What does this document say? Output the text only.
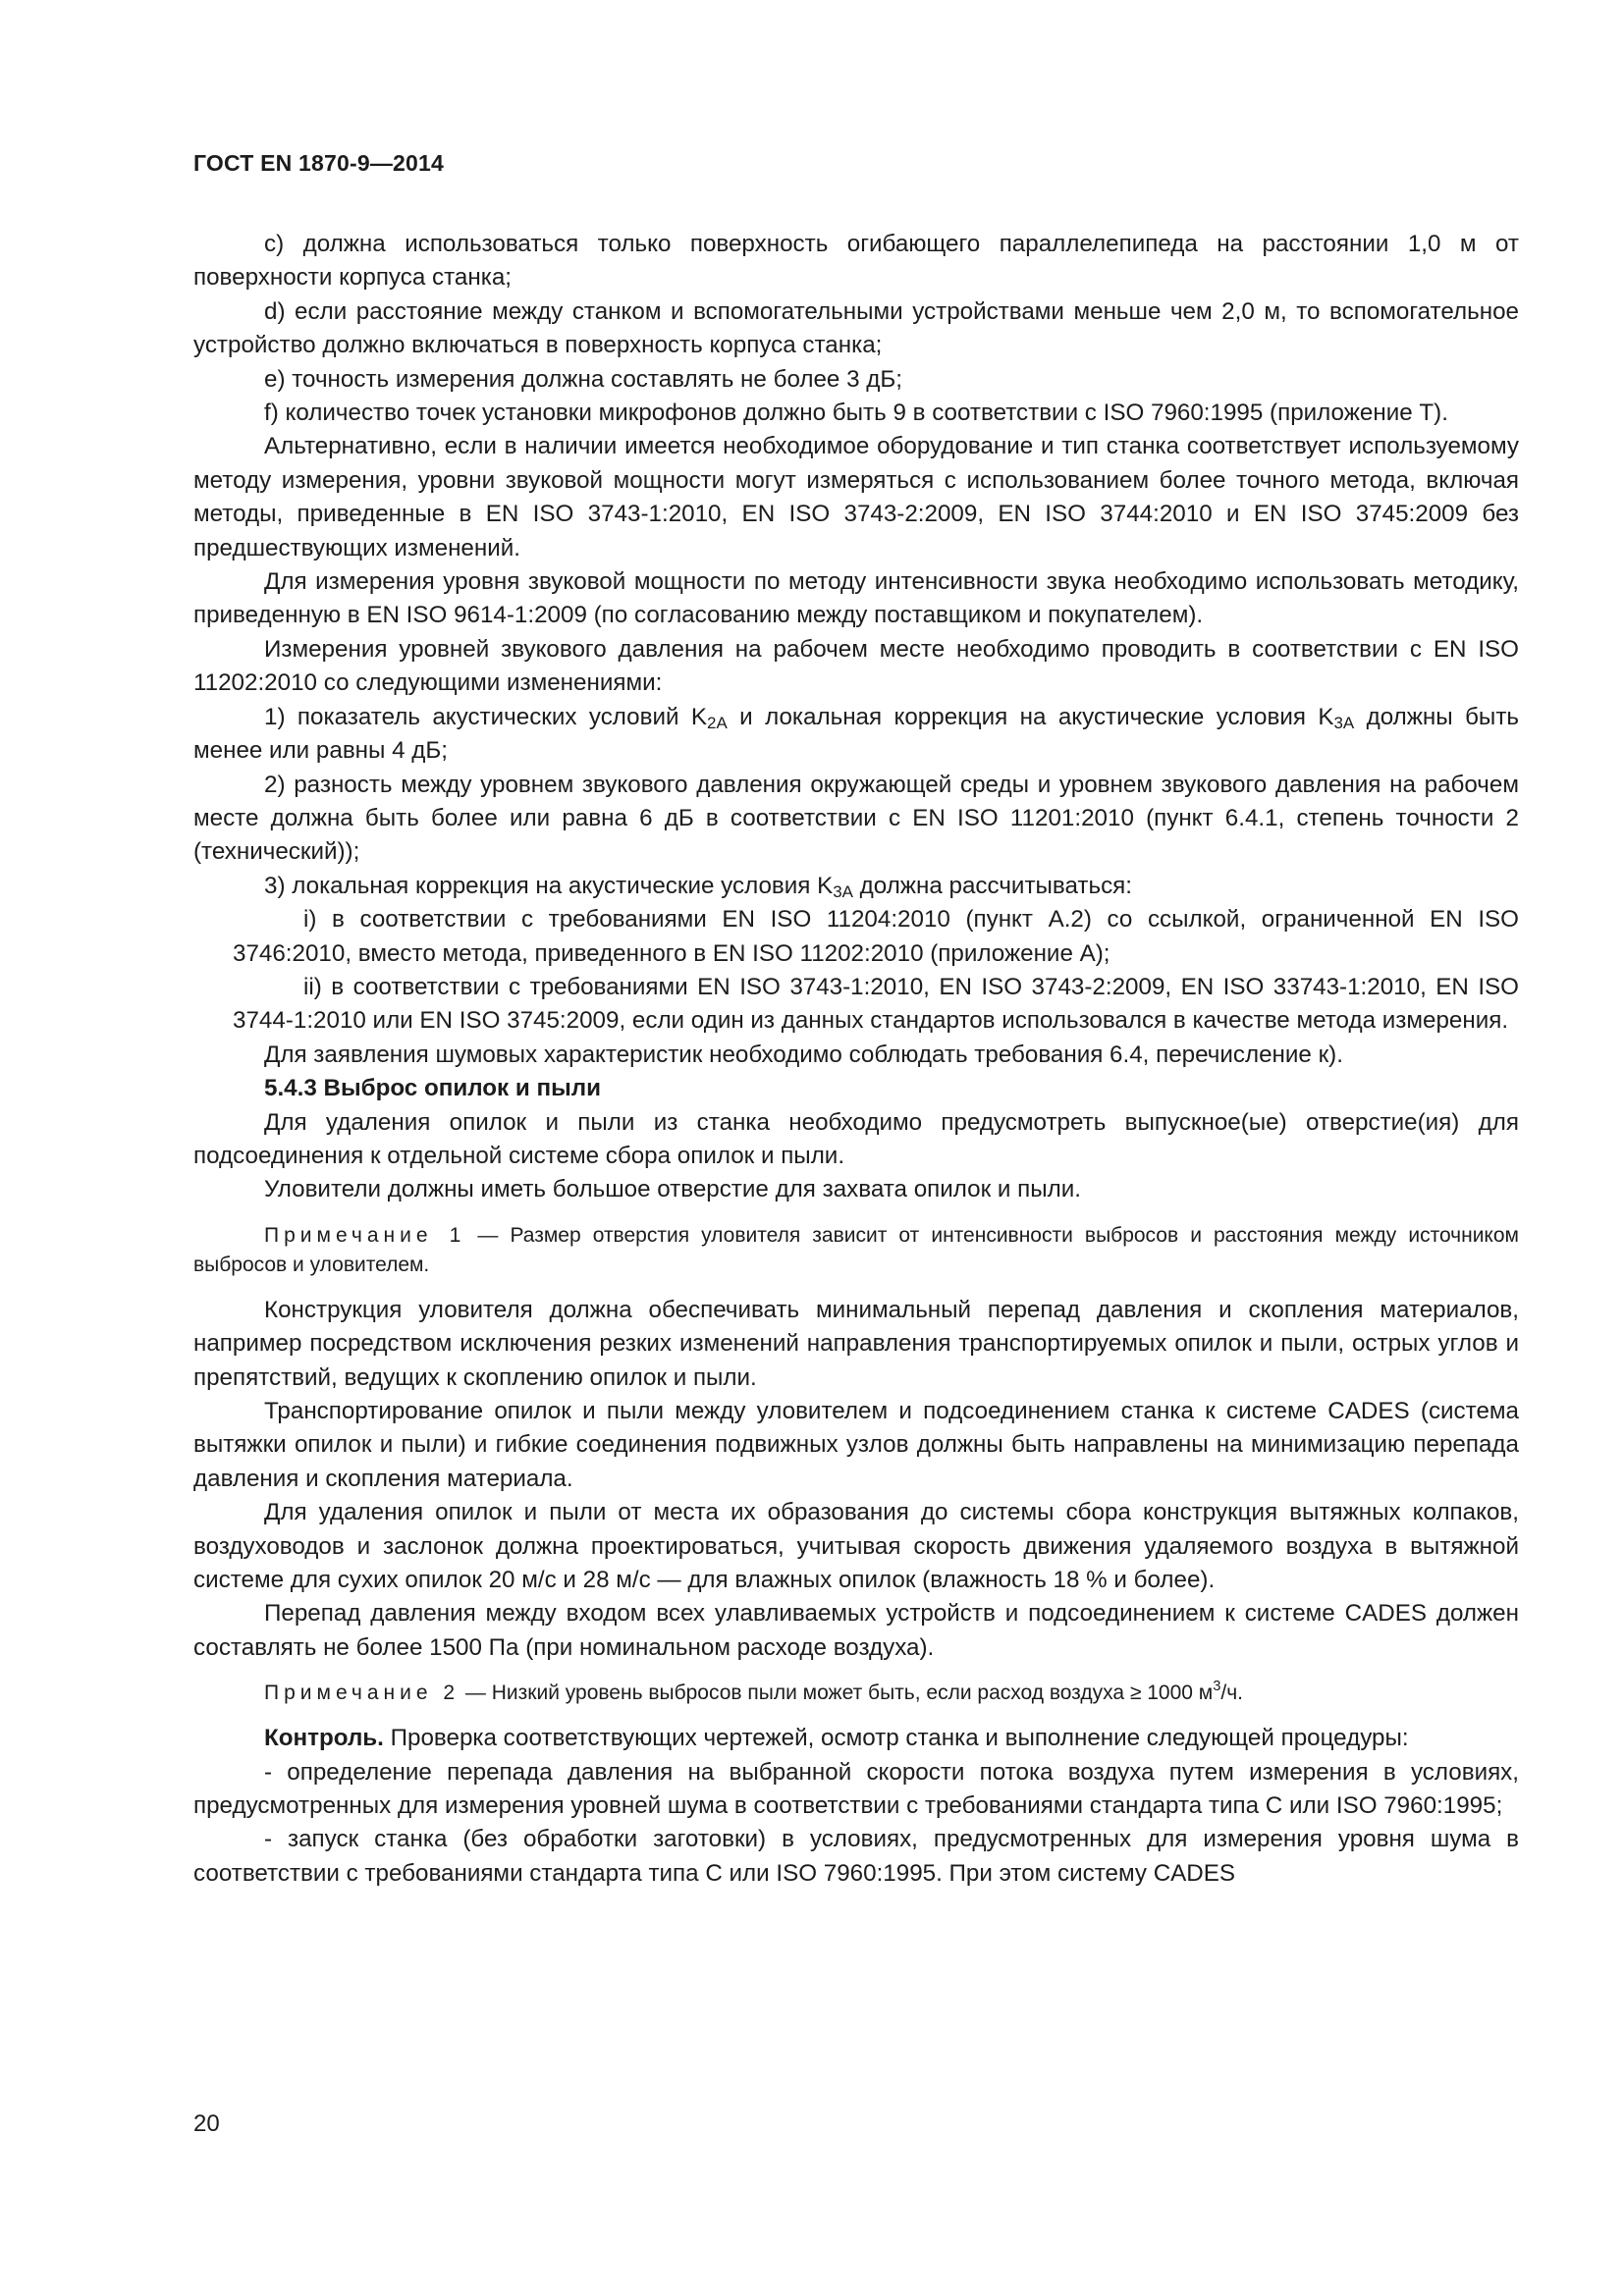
ГОСТ EN 1870-9—2014

c) должна использоваться только поверхность огибающего параллелепипеда на расстоянии 1,0 м от поверхности корпуса станка;

d) если расстояние между станком и вспомогательными устройствами меньше чем 2,0 м, то вспомогательное устройство должно включаться в поверхность корпуса станка;

e) точность измерения должна составлять не более 3 дБ;

f) количество точек установки микрофонов должно быть 9 в соответствии с ISO 7960:1995 (приложение Т).

Альтернативно, если в наличии имеется необходимое оборудование и тип станка соответствует используемому методу измерения, уровни звуковой мощности могут измеряться с использованием более точного метода, включая методы, приведенные в EN ISO 3743-1:2010, EN ISO 3743-2:2009, EN ISO 3744:2010 и EN ISO 3745:2009 без предшествующих изменений.

Для измерения уровня звуковой мощности по методу интенсивности звука необходимо использовать методику, приведенную в EN ISO 9614-1:2009 (по согласованию между поставщиком и покупателем).

Измерения уровней звукового давления на рабочем месте необходимо проводить в соответствии с EN ISO 11202:2010 со следующими изменениями:

1) показатель акустических условий $K_{2A}$ и локальная коррекция на акустические условия $K_{3A}$ должны быть менее или равны 4 дБ;

2) разность между уровнем звукового давления окружающей среды и уровнем звукового давления на рабочем месте должна быть более или равна 6 дБ в соответствии с EN ISO 11201:2010 (пункт 6.4.1, степень точности 2 (технический));

3) локальная коррекция на акустические условия $K_{3A}$ должна рассчитываться:

i) в соответствии с требованиями EN ISO 11204:2010 (пункт А.2) со ссылкой, ограниченной EN ISO 3746:2010, вместо метода, приведенного в EN ISO 11202:2010 (приложение А);

ii) в соответствии с требованиями EN ISO 3743-1:2010, EN ISO 3743-2:2009, EN ISO 33743-1:2010, EN ISO 3744-1:2010 или EN ISO 3745:2009, если один из данных стандартов использовался в качестве метода измерения.

Для заявления шумовых характеристик необходимо соблюдать требования 6.4, перечисление к).

5.4.3 Выброс опилок и пыли

Для удаления опилок и пыли из станка необходимо предусмотреть выпускное(ые) отверстие(ия) для подсоединения к отдельной системе сбора опилок и пыли.

Уловители должны иметь большое отверстие для захвата опилок и пыли.

Примечание 1 — Размер отверстия уловителя зависит от интенсивности выбросов и расстояния между источником выбросов и уловителем.

Конструкция уловителя должна обеспечивать минимальный перепад давления и скопления материалов, например посредством исключения резких изменений направления транспортируемых опилок и пыли, острых углов и препятствий, ведущих к скоплению опилок и пыли.

Транспортирование опилок и пыли между уловителем и подсоединением станка к системе CADES (система вытяжки опилок и пыли) и гибкие соединения подвижных узлов должны быть направлены на минимизацию перепада давления и скопления материала.

Для удаления опилок и пыли от места их образования до системы сбора конструкция вытяжных колпаков, воздуховодов и заслонок должна проектироваться, учитывая скорость движения удаляемого воздуха в вытяжной системе для сухих опилок 20 м/с и 28 м/с — для влажных опилок (влажность 18 % и более).

Перепад давления между входом всех улавливаемых устройств и подсоединением к системе CADES должен составлять не более 1500 Па (при номинальном расходе воздуха).

Примечание 2 — Низкий уровень выбросов пыли может быть, если расход воздуха ≥ 1000 $м^3/ч$.

Контроль. Проверка соответствующих чертежей, осмотр станка и выполнение следующей процедуры:

- определение перепада давления на выбранной скорости потока воздуха путем измерения в условиях, предусмотренных для измерения уровней шума в соответствии с требованиями стандарта типа С или ISO 7960:1995;

- запуск станка (без обработки заготовки) в условиях, предусмотренных для измерения уровня шума в соответствии с требованиями стандарта типа С или ISO 7960:1995. При этом систему CADES

20
